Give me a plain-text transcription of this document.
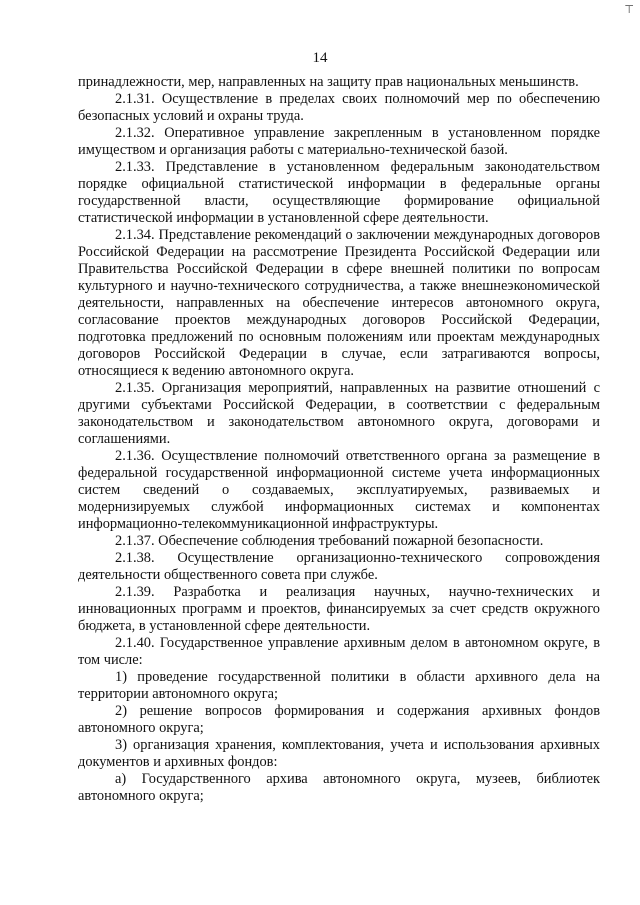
⊤
14

принадлежности, мер, направленных на защиту прав национальных меньшинств.

2.1.31. Осуществление в пределах своих полномочий мер по обеспечению безопасных условий и охраны труда.

2.1.32. Оперативное управление закрепленным в установленном порядке имуществом и организация работы с материально-технической базой.

2.1.33. Представление в установленном федеральным законодательством порядке официальной статистической информации в федеральные органы государственной власти, осуществляющие формирование официальной статистической информации в установленной сфере деятельности.

2.1.34. Представление рекомендаций о заключении международных договоров Российской Федерации на рассмотрение Президента Российской Федерации или Правительства Российской Федерации в сфере внешней политики по вопросам культурного и научно-технического сотрудничества, а также внешнеэкономической деятельности, направленных на обеспечение интересов автономного округа, согласование проектов международных договоров Российской Федерации, подготовка предложений по основным положениям или проектам международных договоров Российской Федерации в случае, если затрагиваются вопросы, относящиеся к ведению автономного округа.

2.1.35. Организация мероприятий, направленных на развитие отношений с другими субъектами Российской Федерации, в соответствии с федеральным законодательством и законодательством автономного округа, договорами и соглашениями.

2.1.36. Осуществление полномочий ответственного органа за размещение в федеральной государственной информационной системе учета информационных систем сведений о создаваемых, эксплуатируемых, развиваемых и модернизируемых службой информационных системах и компонентах информационно-телекоммуникационной инфраструктуры.

2.1.37. Обеспечение соблюдения требований пожарной безопасности.

2.1.38. Осуществление организационно-технического сопровождения деятельности общественного совета при службе.

2.1.39. Разработка и реализация научных, научно-технических и инновационных программ и проектов, финансируемых за счет средств окружного бюджета, в установленной сфере деятельности.

2.1.40. Государственное управление архивным делом в автономном округе, в том числе:

1) проведение государственной политики в области архивного дела на территории автономного округа;

2) решение вопросов формирования и содержания архивных фондов автономного округа;

3) организация хранения, комплектования, учета и использования архивных документов и архивных фондов:

а) Государственного архива автономного округа, музеев, библиотек автономного округа;
